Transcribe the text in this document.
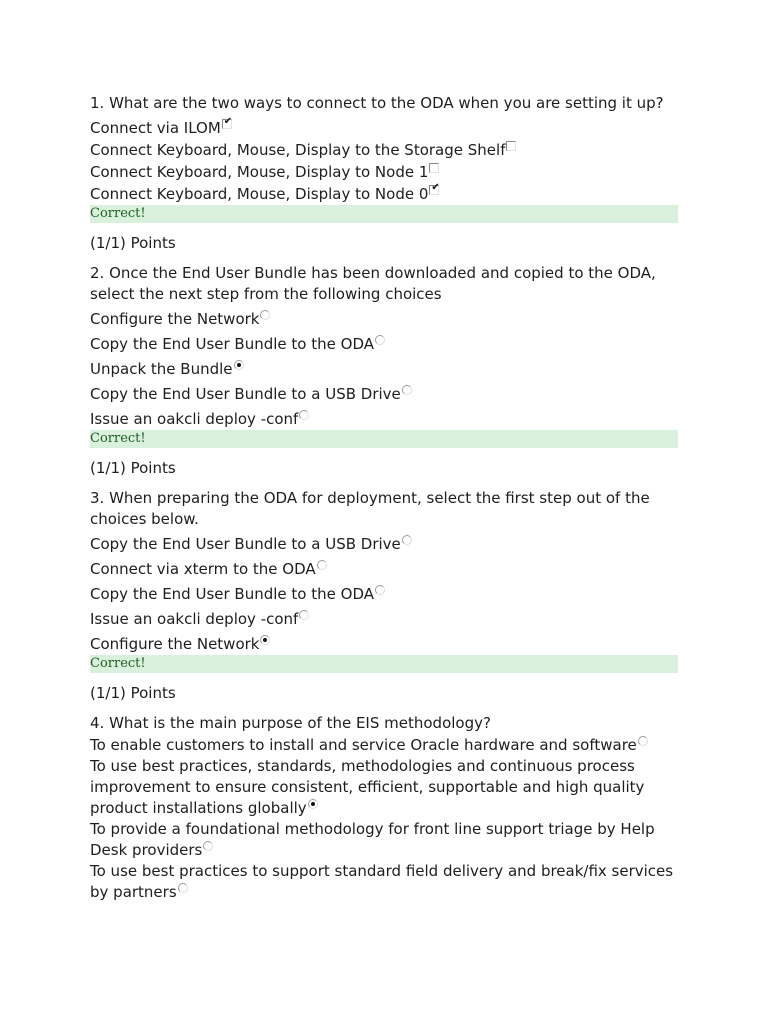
1. What are the two ways to connect to the ODA when you are setting it up?
Connect via ILOM ✔
Connect Keyboard, Mouse, Display to the Storage Shelf
Connect Keyboard, Mouse, Display to Node 1
Connect Keyboard, Mouse, Display to Node 0 ✔
Correct!
(1/1) Points
2. Once the End User Bundle has been downloaded and copied to the ODA, select the next step from the following choices
Configure the Network
Copy the End User Bundle to the ODA
Unpack the Bundle
Copy the End User Bundle to a USB Drive
Issue an oakcli deploy -conf
Correct!
(1/1) Points
3. When preparing the ODA for deployment, select the first step out of the choices below.
Copy the End User Bundle to a USB Drive
Connect via xterm to the ODA
Copy the End User Bundle to the ODA
Issue an oakcli deploy -conf
Configure the Network
Correct!
(1/1) Points
4. What is the main purpose of the EIS methodology?
To enable customers to install and service Oracle hardware and software
To use best practices, standards, methodologies and continuous process improvement to ensure consistent, efficient, supportable and high quality product installations globally
To provide a foundational methodology for front line support triage by Help Desk providers
To use best practices to support standard field delivery and break/fix services by partners
